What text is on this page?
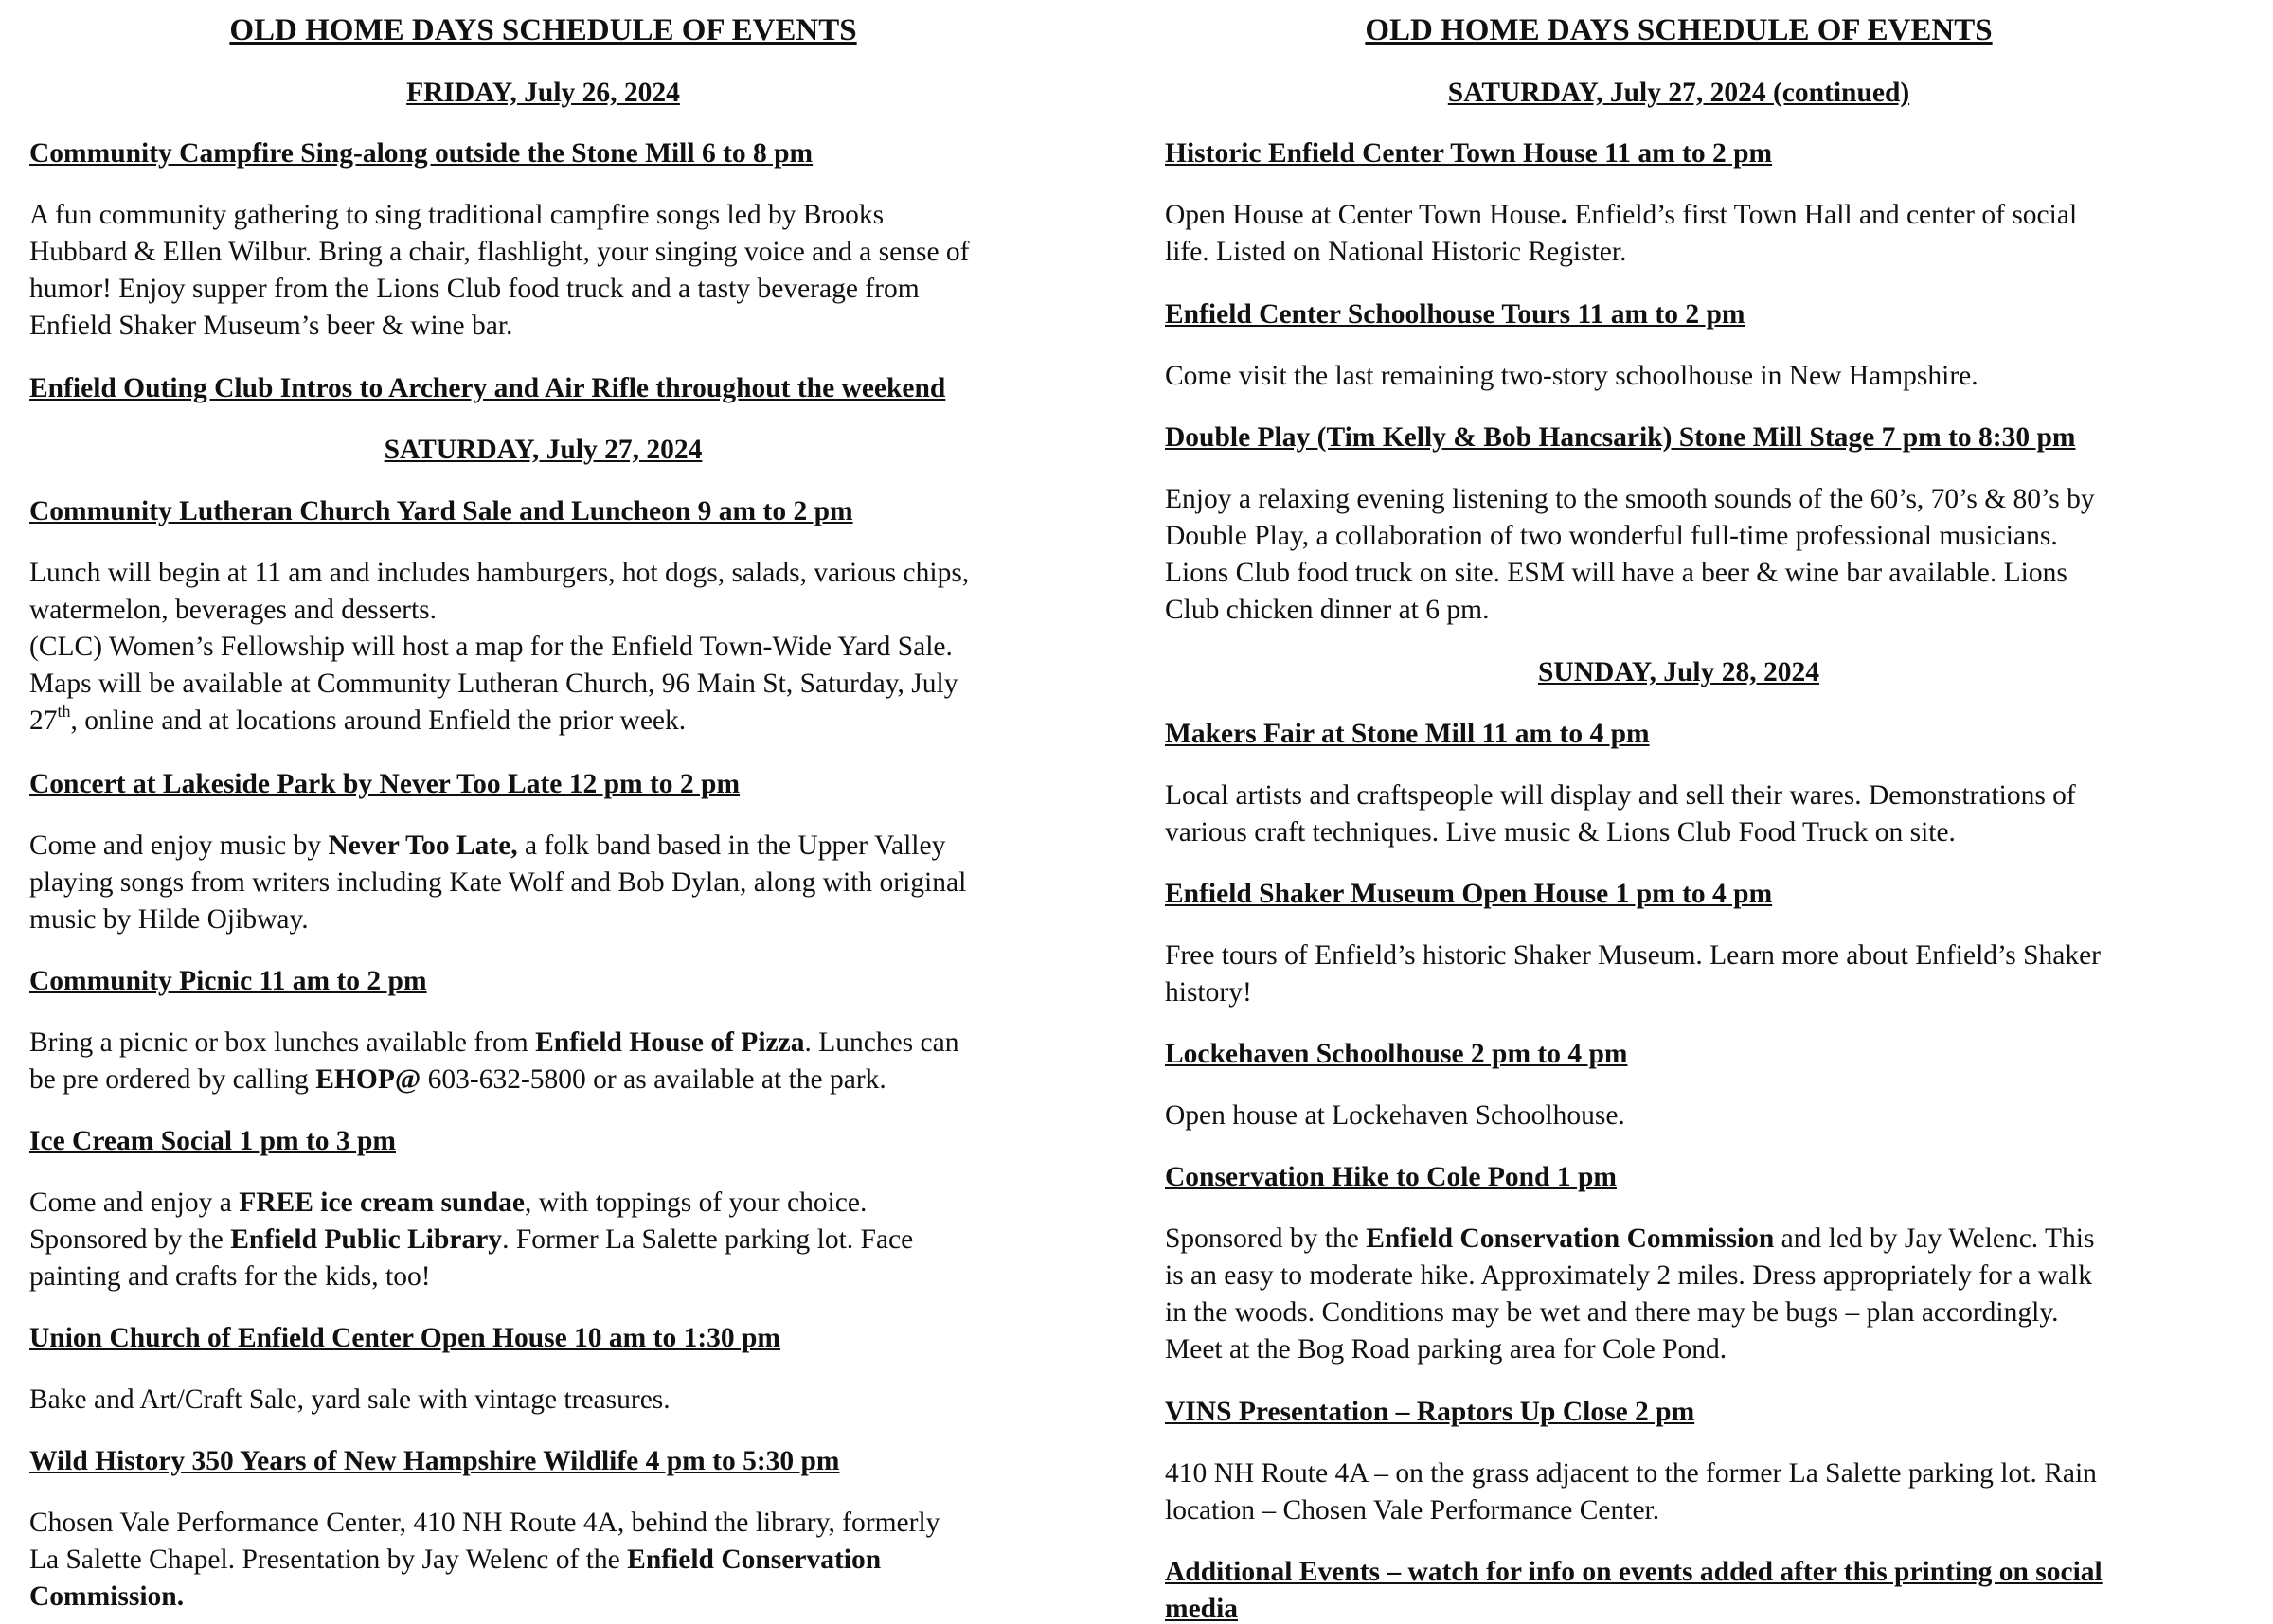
OLD HOME DAYS SCHEDULE OF EVENTS
FRIDAY, July 26, 2024
Community Campfire Sing-along outside the Stone Mill 6 to 8 pm
A fun community gathering to sing traditional campfire songs led by Brooks
Hubbard & Ellen Wilbur. Bring a chair, flashlight, your singing voice and a sense of
humor! Enjoy supper from the Lions Club food truck and a tasty beverage from
Enfield Shaker Museum’s beer & wine bar.
Enfield Outing Club Intros to Archery and Air Rifle throughout the weekend
SATURDAY, July 27, 2024
Community Lutheran Church Yard Sale and Luncheon 9 am to 2 pm
Lunch will begin at 11 am and includes hamburgers, hot dogs, salads, various chips,
watermelon, beverages and desserts.
(CLC) Women’s Fellowship will host a map for the Enfield Town-Wide Yard Sale.
Maps will be available at Community Lutheran Church, 96 Main St, Saturday, July
27th, online and at locations around Enfield the prior week.
Concert at Lakeside Park by Never Too Late 12 pm to 2 pm
Come and enjoy music by Never Too Late, a folk band based in the Upper Valley
playing songs from writers including Kate Wolf and Bob Dylan, along with original
music by Hilde Ojibway.
Community Picnic 11 am to 2 pm
Bring a picnic or box lunches available from Enfield House of Pizza. Lunches can
be pre ordered by calling EHOP@ 603-632-5800 or as available at the park.
Ice Cream Social 1 pm to 3 pm
Come and enjoy a FREE ice cream sundae, with toppings of your choice.
Sponsored by the Enfield Public Library. Former La Salette parking lot. Face
painting and crafts for the kids, too!
Union Church of Enfield Center Open House 10 am to 1:30 pm
Bake and Art/Craft Sale, yard sale with vintage treasures.
Wild History 350 Years of New Hampshire Wildlife 4 pm to 5:30 pm
Chosen Vale Performance Center, 410 NH Route 4A, behind the library, formerly
La Salette Chapel. Presentation by Jay Welenc of the Enfield Conservation
Commission.
OLD HOME DAYS SCHEDULE OF EVENTS
SATURDAY, July 27, 2024 (continued)
Historic Enfield Center Town House 11 am to 2 pm
Open House at Center Town House. Enfield’s first Town Hall and center of social
life. Listed on National Historic Register.
Enfield Center Schoolhouse Tours 11 am to 2 pm
Come visit the last remaining two-story schoolhouse in New Hampshire.
Double Play (Tim Kelly & Bob Hancsarik) Stone Mill Stage 7 pm to 8:30 pm
Enjoy a relaxing evening listening to the smooth sounds of the 60’s, 70’s & 80’s by
Double Play, a collaboration of two wonderful full-time professional musicians.
Lions Club food truck on site. ESM will have a beer & wine bar available. Lions
Club chicken dinner at 6 pm.
SUNDAY, July 28, 2024
Makers Fair at Stone Mill 11 am to 4 pm
Local artists and craftspeople will display and sell their wares. Demonstrations of
various craft techniques. Live music & Lions Club Food Truck on site.
Enfield Shaker Museum Open House 1 pm to 4 pm
Free tours of Enfield’s historic Shaker Museum. Learn more about Enfield’s Shaker
history!
Lockehaven Schoolhouse 2 pm to 4 pm
Open house at Lockehaven Schoolhouse.
Conservation Hike to Cole Pond 1 pm
Sponsored by the Enfield Conservation Commission and led by Jay Welenc. This
is an easy to moderate hike. Approximately 2 miles. Dress appropriately for a walk
in the woods. Conditions may be wet and there may be bugs – plan accordingly.
Meet at the Bog Road parking area for Cole Pond.
VINS Presentation – Raptors Up Close 2 pm
410 NH Route 4A – on the grass adjacent to the former La Salette parking lot. Rain
location – Chosen Vale Performance Center.
Additional Events – watch for info on events added after this printing on social
media
